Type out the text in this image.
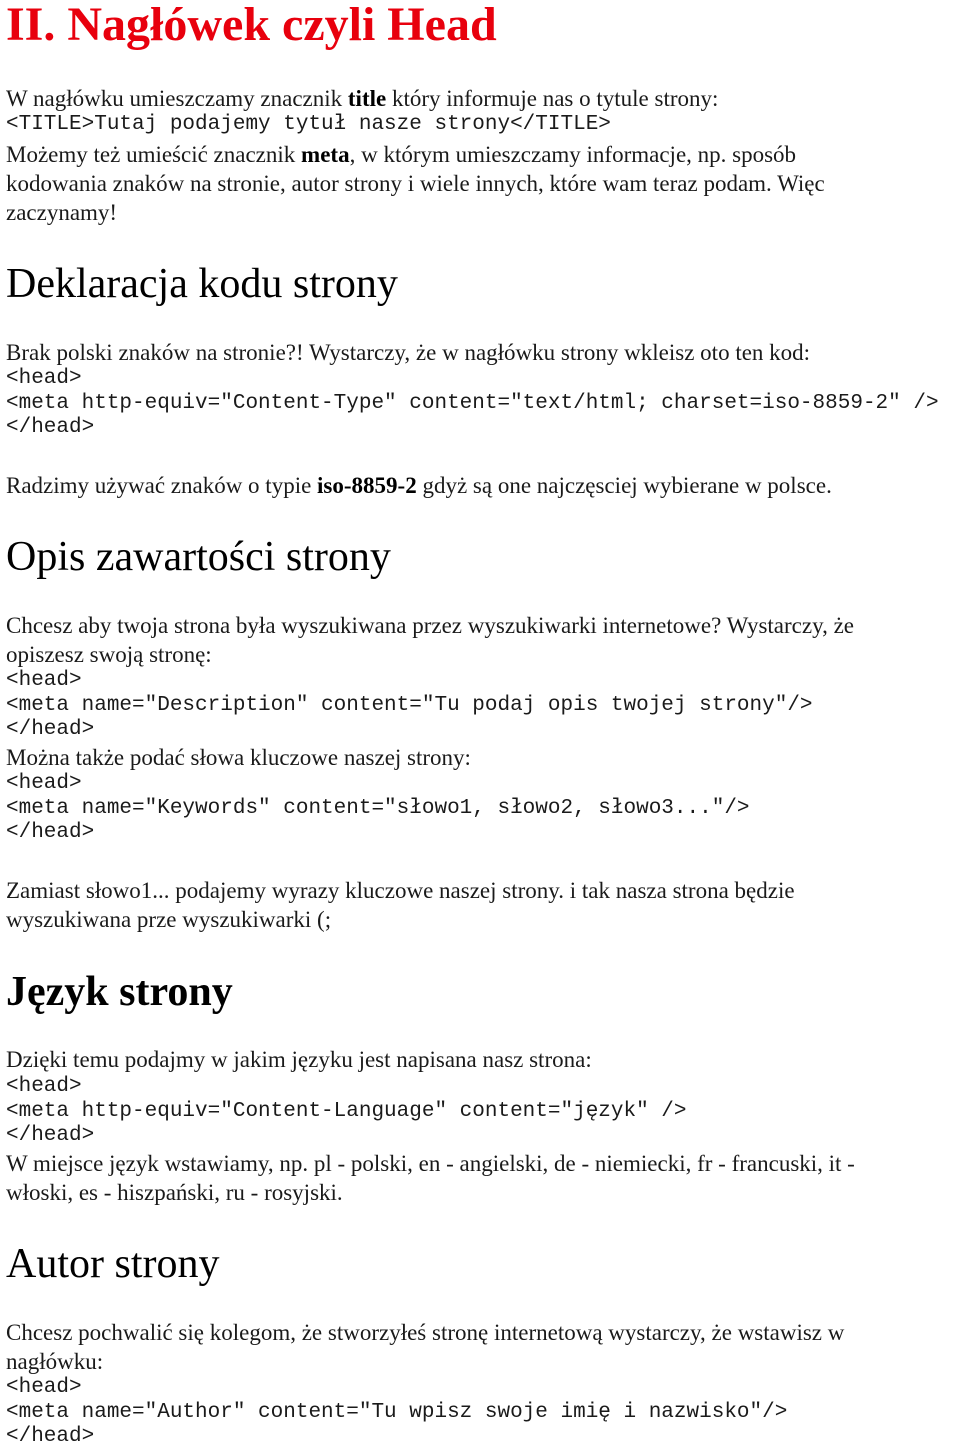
II. Nagłówek czyli Head
W nagłówku umieszczamy znacznik title który informuje nas o tytule strony:
<TITLE>Tutaj podajemy tytuł nasze strony</TITLE>
Możemy też umieścić znacznik meta, w którym umieszczamy informacje, np. sposób
kodowania znaków na stronie, autor strony i wiele innych, które wam teraz podam. Więc
zaczynamy!
Deklaracja kodu strony
Brak polski znaków na stronie?! Wystarczy, że w nagłówku strony wkleisz oto ten kod:
<head>
<meta http-equiv="Content-Type" content="text/html; charset=iso-8859-2" />
</head>
Radzimy używać znaków o typie iso-8859-2 gdyż są one najczęsciej wybierane w polsce.
Opis zawartości strony
Chcesz aby twoja strona była wyszukiwana przez wyszukiwarki internetowe? Wystarczy, że
opiszesz swoją stronę:
<head>
<meta name="Description" content="Tu podaj opis twojej strony"/>
</head>
Można także podać słowa kluczowe naszej strony:
<head>
<meta name="Keywords" content="słowo1, słowo2, słowo3..."/>
</head>
Zamiast słowo1... podajemy wyrazy kluczowe naszej strony. i tak nasza strona będzie
wyszukiwana prze wyszukiwarki (;
Język strony
Dzięki temu podajmy w jakim języku jest napisana nasz strona:
<head>
<meta http-equiv="Content-Language" content="język" />
</head>
W miejsce język wstawiamy, np. pl - polski, en - angielski, de - niemiecki, fr - francuski, it -
włoski, es - hiszpański, ru - rosyjski.
Autor strony
Chcesz pochwalić się kolegom, że stworzyłeś stronę internetową wystarczy, że wstawisz w
nagłówku:
<head>
<meta name="Author" content="Tu wpisz swoje imię i nazwisko"/>
</head>
